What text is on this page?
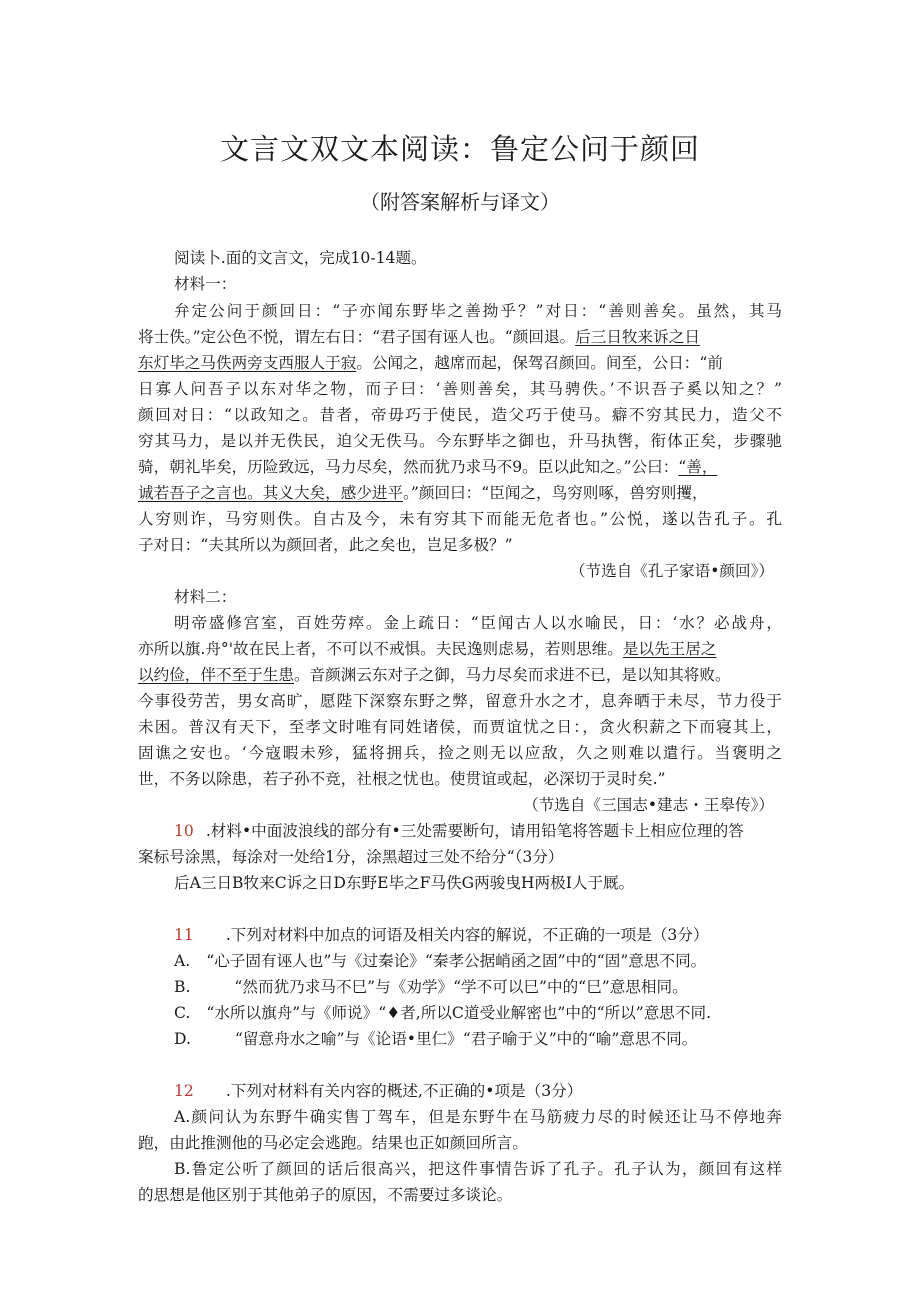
文言文双文本阅读：鲁定公问于颜回
（附答案解析与译文）
阅读卜.面的文言文，完成10-14题。
材料一：
弁定公问于颜回日：“子亦闻东野毕之善拗乎？”对日：“善则善矣。虽然，其马
将士佚。”定公色不悦，谓左右日：“君子国有诬人也。“颜回退。后三日牧来诉之日
东灯毕之马佚两旁支西服人于寂。公闻之，越席而起，保驾召颜回。间至，公日：“前
日寡人问吾子以东对华之物，而子曰：‘善则善矣，其马骋佚。’不识吾子奚以知之？”
颜回对日：“以政知之。昔者，帝毋巧于使民，造父巧于使马。癖不穷其民力，造父不
穷其马力，是以并无佚民，迫父无佚马。今东野毕之御也，升马执辔，衔体正矣，步骤驰
骑，朝礼毕矣，历险致远，马力尽矣，然而犹乃求马不9。臣以此知之。”公曰：“善，
诚若吾子之言也。其义大矣，感少进平。”颜回曰：“臣闻之，鸟穷则啄，兽穷则攫，
人穷则诈，马穷则佚。自古及今，未有穷其下而能无危者也。”公悦，遂以告孔子。孔
子对日：“夫其所以为颜回者，此之矣也，岂足多极？”
（节选自《孔子家语•颜回》）
材料二：
明帝盛修宫室，百姓劳瘁。金上疏日：“臣闻古人以水喻民，日：‘水？必战舟，
亦所以旗.舟°'故在民上者，不可以不戒惧。夫民逸则虑易，若则思维。是以先王居之
以约俭，伴不至于生患。音颜渊云东对子之御，马力尽矣而求进不已，是以知其将败。
今事役劳苦，男女高旷，愿陛下深察东野之弊，留意升水之才，息奔晒于未尽，节力役于
未困。普汉有天下，至孝文时唯有同姓诸侯，而贾谊忧之日：，贪火积薪之下而寝其上，
固谯之安也。‘今寇暇未殄，猛将拥兵，捡之则无以应敌，久之则难以遣行。当褒明之
世，不务以除患，若子孙不竞，社根之忧也。使贯谊或起，必深切于灵时矣.”
（节选自《三国志•建志・王皋传》）
10 .材料•中面波浪线的部分有•三处需要断句，请用铅笔将答题卡上相应位理的答
案标号涂黑，每涂对一处给1分，涂黑超过三处不给分“（3分）
后A三日B牧来C诉之日D东野E毕之F马佚G两骏曳H两极I人于厩。
11 .下列对材料中加点的诃语及相关内容的解说，不正确的一项是（3分）
A. “心子固有诬人也”与《过秦论》“秦孝公据峭函之固”中的“固”意思不同。
B.	“然而犹乃求马不巳”与《劝学》“学不可以巳”中的“巳”意思相同。
C. “水所以旗舟”与《师说》“♦者,所以C道受业解密也”中的“所以”意思不同.
D.	“留意舟水之喻”与《论语•里仁》“君子喻于义”中的“喻”意思不同。
12 .下列对材料有关内容的概述,不正确的•项是（3分）
A.颜问认为东野牛确实售丁驾车，但是东野牛在马筋疲力尽的时候还让马不停地奔
跑，由此推测他的马必定会逃跑。结果也正如颜回所言。
B.鲁定公听了颜回的话后很高兴，把这件事情告诉了孔子。孔子认为，颜回有这样
的思想是他区别于其他弟子的原因，不需要过多谈论。
